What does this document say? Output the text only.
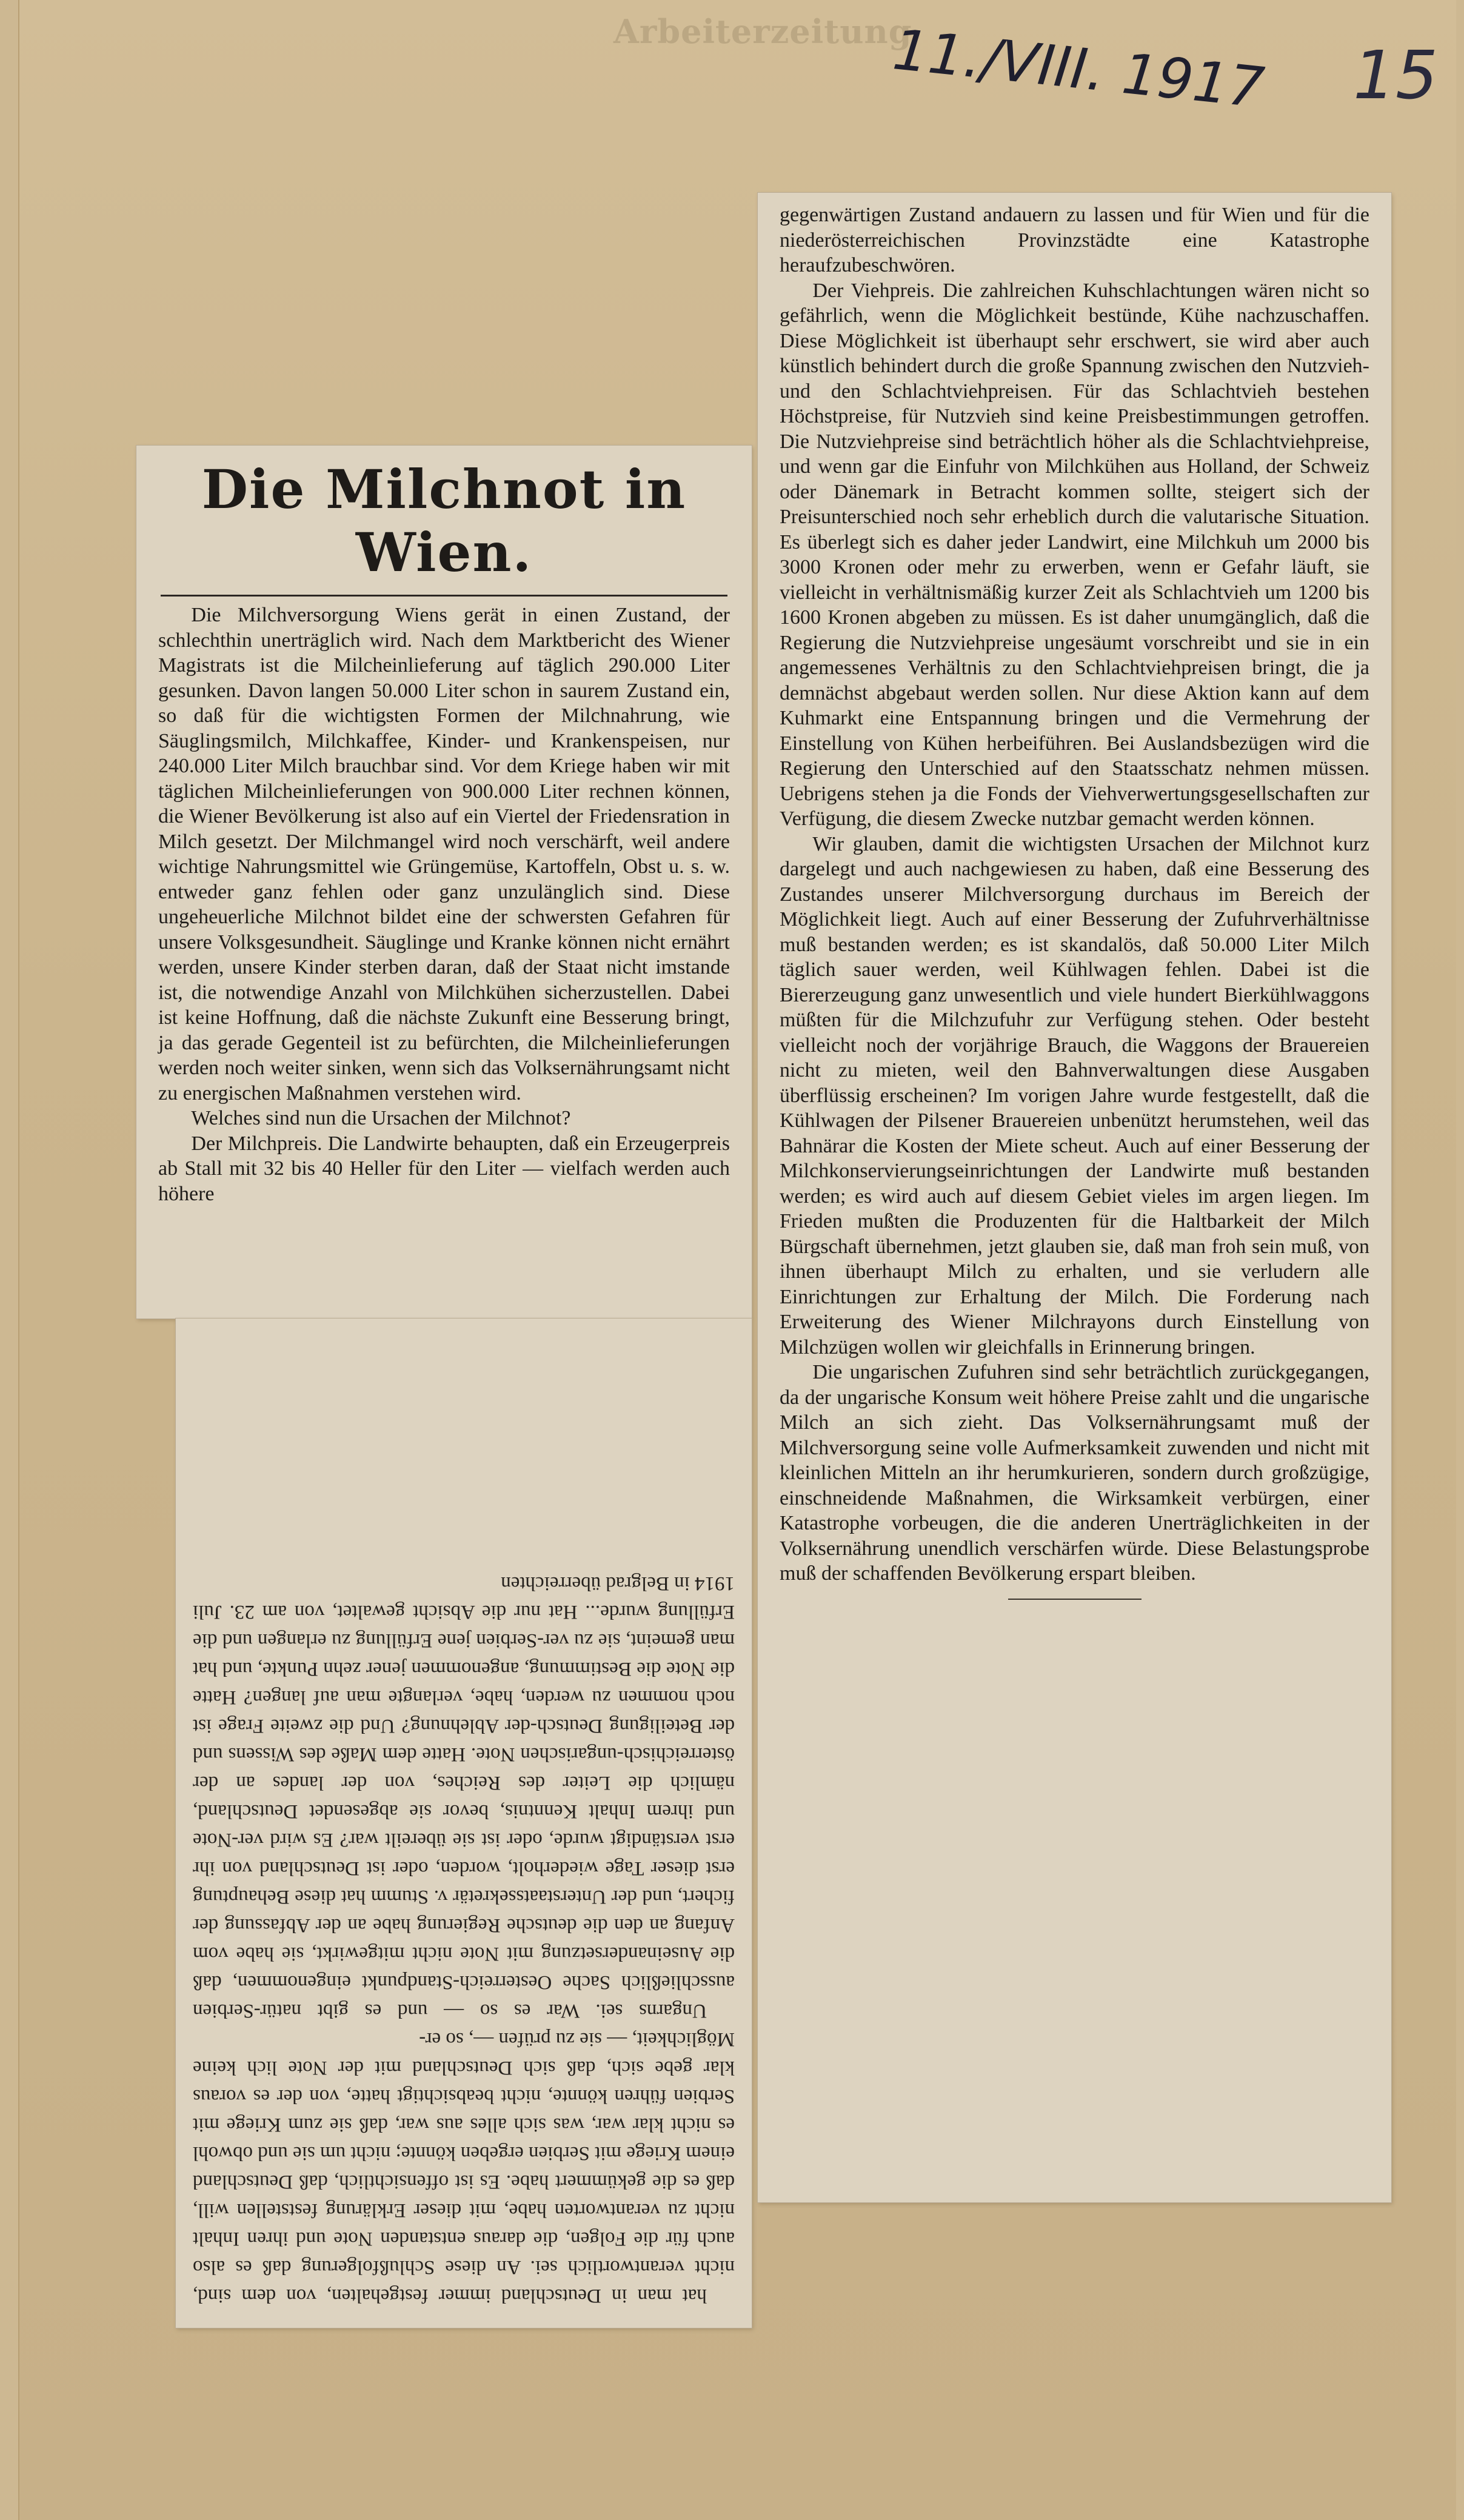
Arbeiterzeitung
11./VIII. 1917 15
Die Milchnot in Wien.

Die Milchversorgung Wiens gerät in einen Zustand, der schlechthin unerträglich wird. Nach dem Marktbericht des Wiener Magistrats ist die Milcheinlieferung auf täglich 290.000 Liter gesunken. Davon langen 50.000 Liter schon in saurem Zustand ein, so daß für die wichtigsten Formen der Milchnahrung, wie Säuglingsmilch, Milchkaffee, Kinder- und Krankenspeisen, nur 240.000 Liter Milch brauchbar sind. Vor dem Kriege haben wir mit täglichen Milcheinlieferungen von 900.000 Liter rechnen können, die Wiener Bevölkerung ist also auf ein Viertel der Friedensration in Milch gesetzt. Der Milchmangel wird noch verschärft, weil andere wichtige Nahrungsmittel wie Grüngemüse, Kartoffeln, Obst u. s. w. entweder ganz fehlen oder ganz unzulänglich sind. Diese ungeheuerliche Milchnot bildet eine der schwersten Gefahren für unsere Volksgesundheit. Säuglinge und Kranke können nicht ernährt werden, unsere Kinder sterben daran, daß der Staat nicht imstande ist, die notwendige Anzahl von Milchkühen sicherzustellen. Dabei ist keine Hoffnung, daß die nächste Zukunft eine Besserung bringt, ja das gerade Gegenteil ist zu befürchten, die Milcheinlieferungen werden noch weiter sinken, wenn sich das Volksernährungsamt nicht zu energischen Maßnahmen verstehen wird.

Welches sind nun die Ursachen der Milchnot?

Der Milchpreis. Die Landwirte behaupten, daß ein Erzeugerpreis ab Stall mit 32 bis 40 Heller für den Liter — vielfach werden auch höhere

hat man in Deutschland immer festgehalten, von dem sind, nicht verantwortlich sei. An diese Schlußfolgerung daß es also auch für die Folgen, die daraus entstanden Note und ihren Inhalt nicht zu verantworten habe, mit dieser Erklärung feststellen will, daß es die gekümmert habe. Es ist offensichtlich, daß Deutschland einem Kriege mit Serbien ergeben könnte; nicht um sie und obwohl es nicht klar war, was sich alles aus war, daß sie zum Kriege mit Serbien führen könnte, nicht beabsichtigt hatte, von der es voraus klar gebe sich, daß sich Deutschland mit der Note lich keine Möglichkeit, — sie zu prüfen —, so er-

Ungarns sei. War es so — und es gibt natür-Serbien ausschließlich Sache Oesterreich-Standpunkt eingenommen, daß die Auseinandersetzung mit Note nicht mitgewirkt, sie habe vom Anfang an den die deutsche Regierung habe an der Abfassung der fichert, und der Unterstaatssekretär v. Stumm hat diese Behauptung erst dieser Tage wiederholt, worden, oder ist Deutschland von ihr erst verständigt wurde, oder ist sie übereilt war? Es wird ver-Note und ihrem Inhalt Kenntnis, bevor sie abgesendet Deutschland, nämlich die Leiter des Reiches, von der landes an der österreichisch-ungarischen Note. Hatte dem Maße des Wissens und der Beteiligung Deutsch-der Ablehnung? Und die zweite Frage ist noch nommen zu werden, habe, verlangte man auf langen? Hatte die Note die Bestimmung, angenommen jener zehn Punkte, und hat man gemeint, sie zu ver-Serbien jene Erfüllung zu erlangen und die Erfüllung wurde... Hat nur die Absicht gewaltet, von am 23. Juli 1914 in Belgrad überreichten

gegenwärtigen Zustand andauern zu lassen und für Wien und für die niederösterreichischen Provinzstädte eine Katastrophe heraufzubeschwören.

Der Viehpreis. Die zahlreichen Kuhschlachtungen wären nicht so gefährlich, wenn die Möglichkeit bestünde, Kühe nachzuschaffen. Diese Möglichkeit ist überhaupt sehr erschwert, sie wird aber auch künstlich behindert durch die große Spannung zwischen den Nutzvieh- und den Schlachtviehpreisen. Für das Schlachtvieh bestehen Höchstpreise, für Nutzvieh sind keine Preisbestimmungen getroffen. Die Nutzviehpreise sind beträchtlich höher als die Schlachtviehpreise, und wenn gar die Einfuhr von Milchkühen aus Holland, der Schweiz oder Dänemark in Betracht kommen sollte, steigert sich der Preisunterschied noch sehr erheblich durch die valutarische Situation. Es überlegt sich es daher jeder Landwirt, eine Milchkuh um 2000 bis 3000 Kronen oder mehr zu erwerben, wenn er Gefahr läuft, sie vielleicht in verhältnismäßig kurzer Zeit als Schlachtvieh um 1200 bis 1600 Kronen abgeben zu müssen. Es ist daher unumgänglich, daß die Regierung die Nutzviehpreise ungesäumt vorschreibt und sie in ein angemessenes Verhältnis zu den Schlachtviehpreisen bringt, die ja demnächst abgebaut werden sollen. Nur diese Aktion kann auf dem Kuhmarkt eine Entspannung bringen und die Vermehrung der Einstellung von Kühen herbeiführen. Bei Auslandsbezügen wird die Regierung den Unterschied auf den Staatsschatz nehmen müssen. Uebrigens stehen ja die Fonds der Viehverwertungsgesellschaften zur Verfügung, die diesem Zwecke nutzbar gemacht werden können.

Wir glauben, damit die wichtigsten Ursachen der Milchnot kurz dargelegt und auch nachgewiesen zu haben, daß eine Besserung des Zustandes unserer Milchversorgung durchaus im Bereich der Möglichkeit liegt. Auch auf einer Besserung der Zufuhrverhältnisse muß bestanden werden; es ist skandalös, daß 50.000 Liter Milch täglich sauer werden, weil Kühlwagen fehlen. Dabei ist die Biererzeugung ganz unwesentlich und viele hundert Bierkühlwaggons müßten für die Milchzufuhr zur Verfügung stehen. Oder besteht vielleicht noch der vorjährige Brauch, die Waggons der Brauereien nicht zu mieten, weil den Bahnverwaltungen diese Ausgaben überflüssig erscheinen? Im vorigen Jahre wurde festgestellt, daß die Kühlwagen der Pilsener Brauereien unbenützt herumstehen, weil das Bahnärar die Kosten der Miete scheut. Auch auf einer Besserung der Milchkonservierungseinrichtungen der Landwirte muß bestanden werden; es wird auch auf diesem Gebiet vieles im argen liegen. Im Frieden mußten die Produzenten für die Haltbarkeit der Milch Bürgschaft übernehmen, jetzt glauben sie, daß man froh sein muß, von ihnen überhaupt Milch zu erhalten, und sie verludern alle Einrichtungen zur Erhaltung der Milch. Die Forderung nach Erweiterung des Wiener Milchrayons durch Einstellung von Milchzügen wollen wir gleichfalls in Erinnerung bringen.

Die ungarischen Zufuhren sind sehr beträchtlich zurückgegangen, da der ungarische Konsum weit höhere Preise zahlt und die ungarische Milch an sich zieht. Das Volksernährungsamt muß der Milchversorgung seine volle Aufmerksamkeit zuwenden und nicht mit kleinlichen Mitteln an ihr herumkurieren, sondern durch großzügige, einschneidende Maßnahmen, die Wirksamkeit verbürgen, einer Katastrophe vorbeugen, die die anderen Unerträglichkeiten in der Volksernährung unendlich verschärfen würde. Diese Belastungsprobe muß der schaffenden Bevölkerung erspart bleiben.
